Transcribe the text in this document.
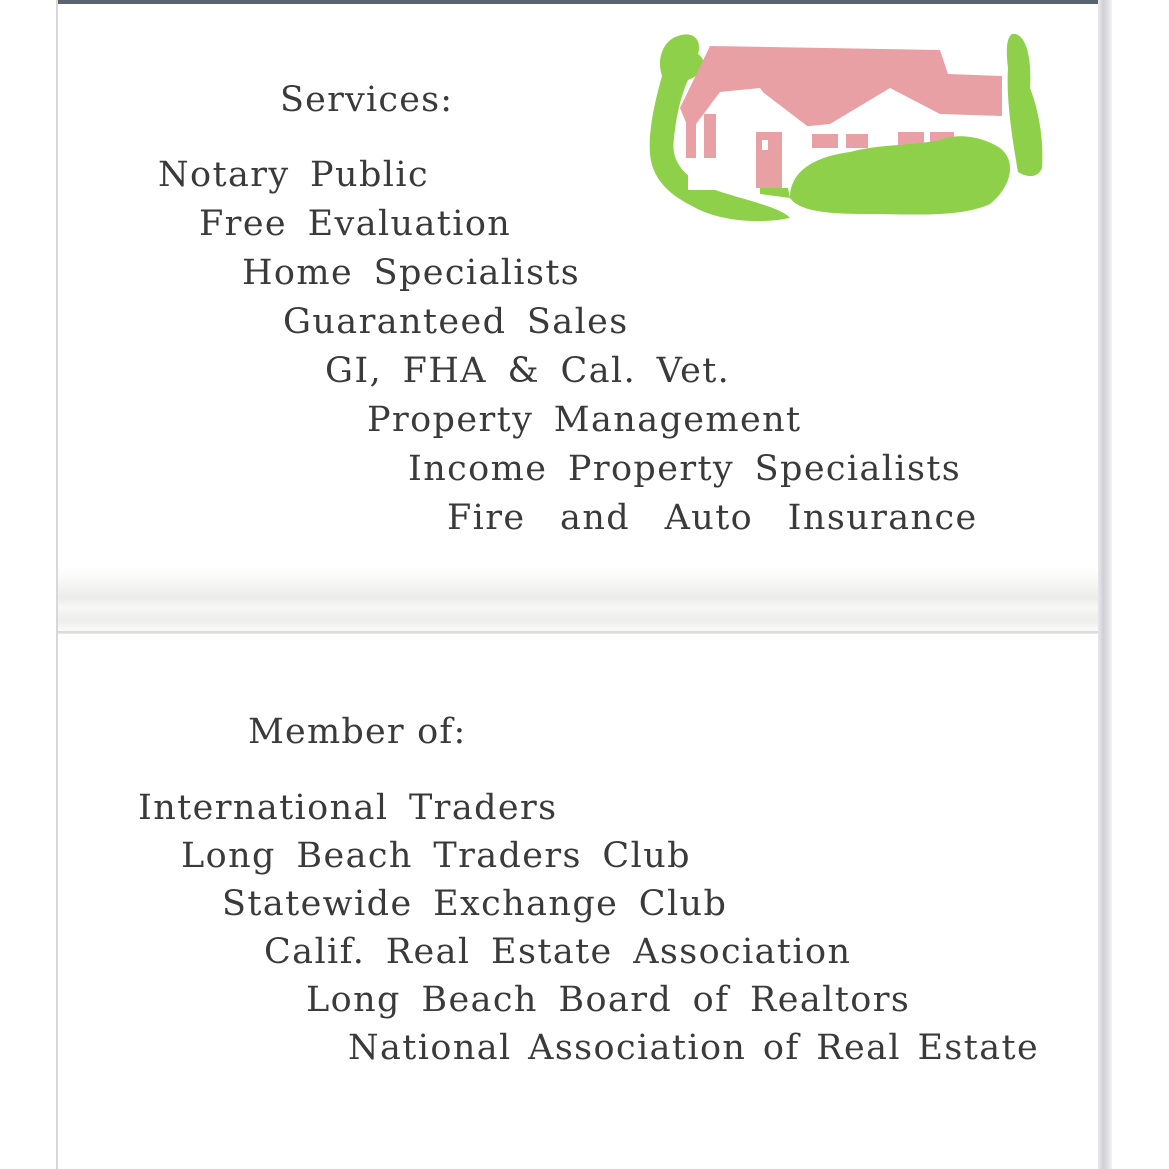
Services:

Notary Public

Free Evaluation

Home Specialists

Guaranteed Sales

GI, FHA & Cal. Vet.

Property Management

Income Property Specialists

Fire and Auto Insurance

Member of:

International Traders

Long Beach Traders Club

Statewide Exchange Club

Calif. Real Estate Association

Long Beach Board of Realtors

National Association of Real Estate
